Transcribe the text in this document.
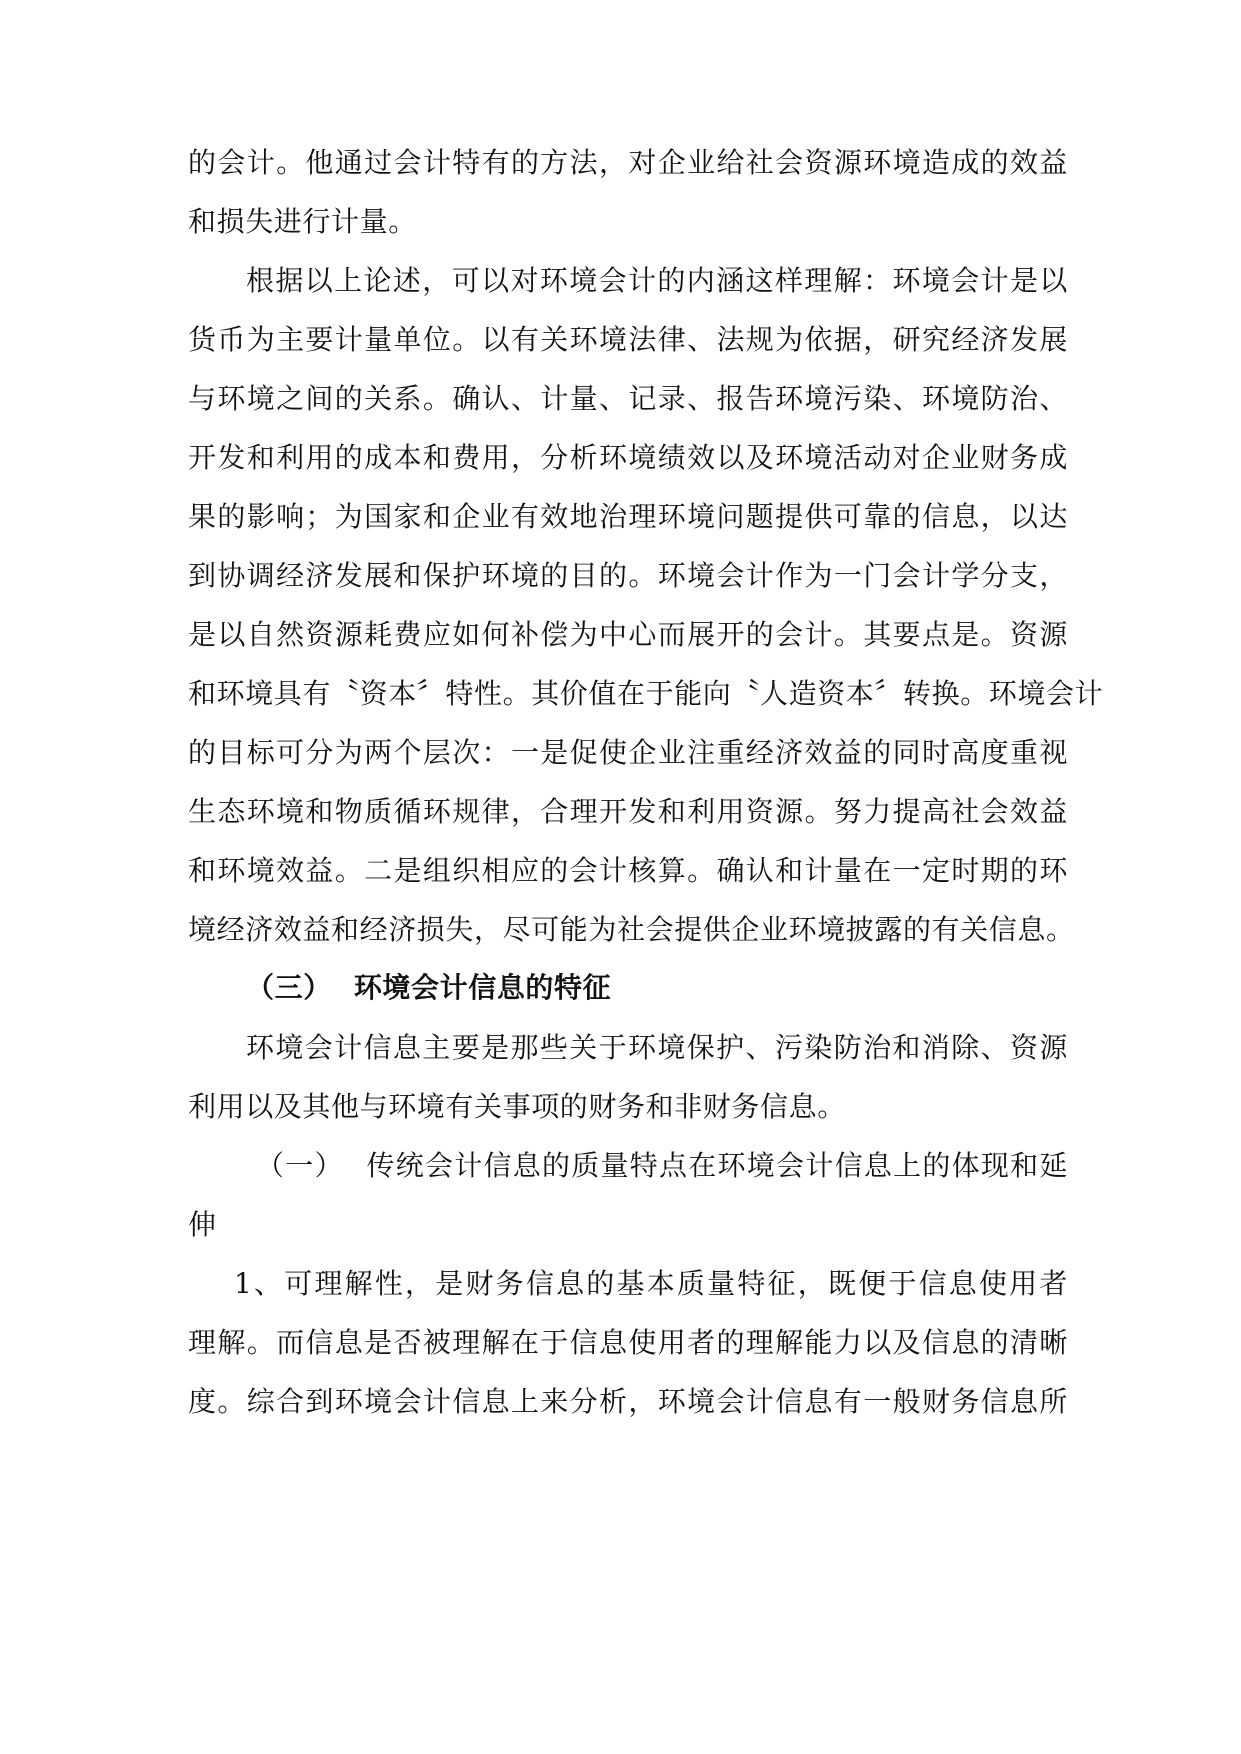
的会计。他通过会计特有的方法，对企业给社会资源环境造成的效益
和损失进行计量。
根据以上论述，可以对环境会计的内涵这样理解：环境会计是以
货币为主要计量单位。以有关环境法律、法规为依据，研究经济发展
与环境之间的关系。确认、计量、记录、报告环境污染、环境防治、
开发和利用的成本和费用，分析环境绩效以及环境活动对企业财务成
果的影响；为国家和企业有效地治理环境问题提供可靠的信息，以达
到协调经济发展和保护环境的目的。环境会计作为一门会计学分支，
是以自然资源耗费应如何补偿为中心而展开的会计。其要点是。资源
和环境具有〝资本〞特性。其价值在于能向〝人造资本〞转换。环境会计
的目标可分为两个层次：一是促使企业注重经济效益的同时高度重视
生态环境和物质循环规律，合理开发和利用资源。努力提高社会效益
和环境效益。二是组织相应的会计核算。确认和计量在一定时期的环
境经济效益和经济损失，尽可能为社会提供企业环境披露的有关信息。
（三） 环境会计信息的特征
环境会计信息主要是那些关于环境保护、污染防治和消除、资源
利用以及其他与环境有关事项的财务和非财务信息。
（一） 传统会计信息的质量特点在环境会计信息上的体现和延
伸
1、可理解性，是财务信息的基本质量特征，既便于信息使用者
理解。而信息是否被理解在于信息使用者的理解能力以及信息的清晰
度。综合到环境会计信息上来分析，环境会计信息有一般财务信息所
